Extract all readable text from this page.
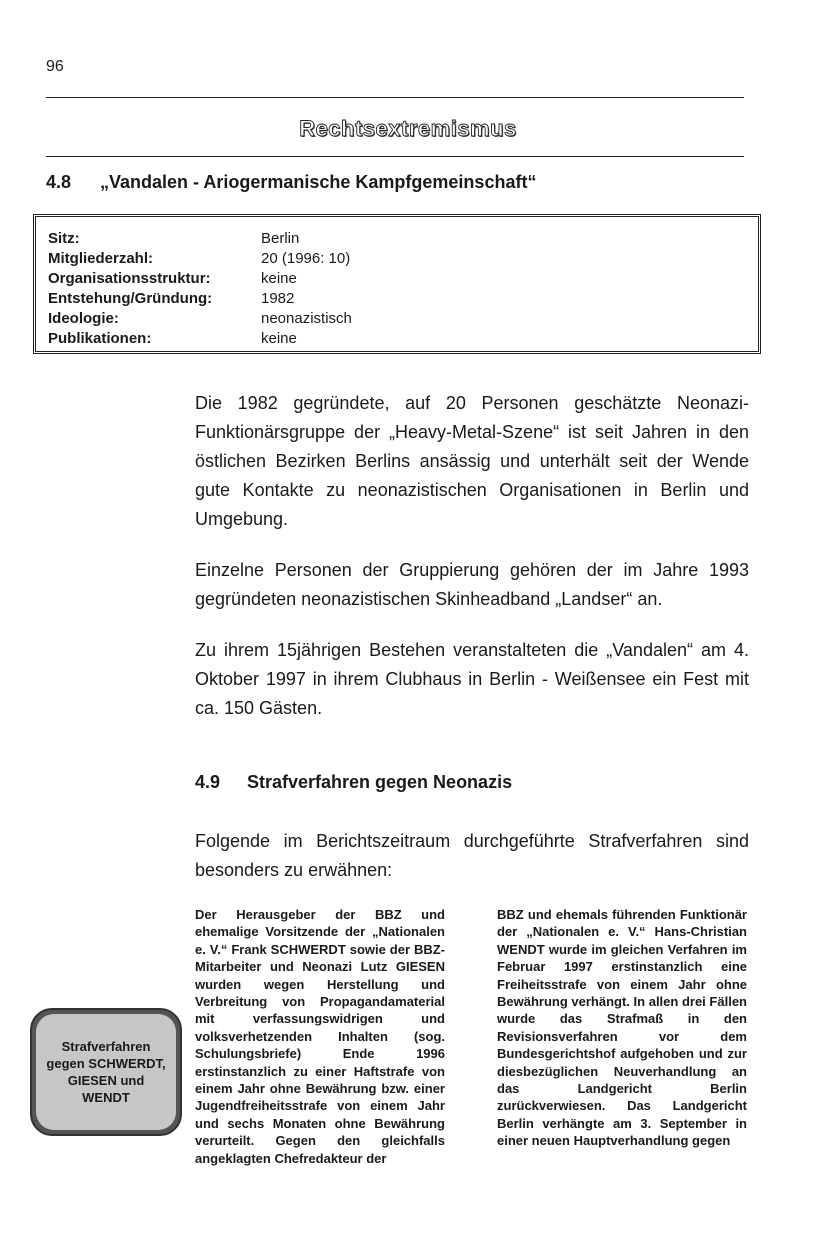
96
Rechtsextremismus
4.8 „Vandalen - Ariogermanische Kampfgemeinschaft“
Sitz:	Berlin
Mitgliederzahl:	20 (1996: 10)
Organisationsstruktur:	keine
Entstehung/Gründung:	1982
Ideologie:	neonazistisch
Publikationen:	keine

Die 1982 gegründete, auf 20 Personen geschätzte Neonazi-Funktionärsgruppe der „Heavy-Metal-Szene“ ist seit Jahren in den östlichen Bezirken Berlins ansässig und unterhält seit der Wende gute Kontakte zu neonazistischen Organisationen in Berlin und Umgebung.

Einzelne Personen der Gruppierung gehören der im Jahre 1993 gegründeten neonazistischen Skinheadband „Landser“ an.

Zu ihrem 15jährigen Bestehen veranstalteten die „Vandalen“ am 4. Oktober 1997 in ihrem Clubhaus in Berlin - Weißensee ein Fest mit ca. 150 Gästen.

4.9 Strafverfahren gegen Neonazis

Folgende im Berichtszeitraum durchgeführte Strafverfahren sind besonders zu erwähnen:

Strafverfahren gegen SCHWERDT, GIESEN und WENDT

Der Herausgeber der BBZ und ehemalige Vorsitzende der „Nationalen e. V.“ Frank SCHWERDT sowie der BBZ-Mitarbeiter und Neonazi Lutz GIESEN wurden wegen Herstellung und Verbreitung von Propagandamaterial mit verfassungswidrigen und volksverhetzenden Inhalten (sog. Schulungsbriefe) Ende 1996 erstinstanzlich zu einer Haftstrafe von einem Jahr ohne Bewährung bzw. einer Jugendfreiheitsstrafe von einem Jahr und sechs Monaten ohne Bewährung verurteilt. Gegen den gleichfalls angeklagten Chefredakteur der

BBZ und ehemals führenden Funktionär der „Nationalen e. V.“ Hans-Christian WENDT wurde im gleichen Verfahren im Februar 1997 erstinstanzlich eine Freiheitsstrafe von einem Jahr ohne Bewährung verhängt. In allen drei Fällen wurde das Strafmaß in den Revisionsverfahren vor dem Bundesgerichtshof aufgehoben und zur diesbezüglichen Neuverhandlung an das Landgericht Berlin zurückverwiesen. Das Landgericht Berlin verhängte am 3. September in einer neuen Hauptverhandlung gegen
